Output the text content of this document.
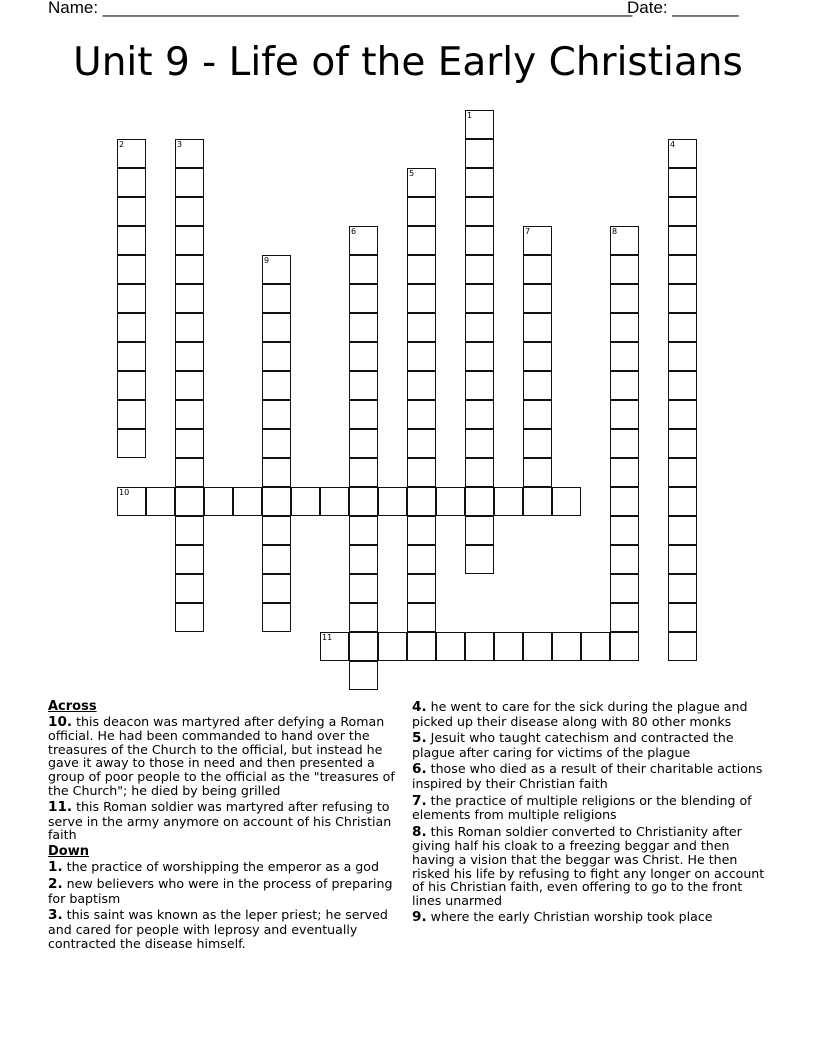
Name: ________________________________________________________
Date: _______
Unit 9 - Life of the Early Christians
1
2	3	4
5
6	7	8
9
10
11
Across
10. this deacon was martyred after defying a Roman official. He had been commanded to hand over the treasures of the Church to the official, but instead he gave it away to those in need and then presented a group of poor people to the official as the "treasures of the Church"; he died by being grilled
11. this Roman soldier was martyred after refusing to serve in the army anymore on account of his Christian faith
Down
1. the practice of worshipping the emperor as a god
2. new believers who were in the process of preparing for baptism
3. this saint was known as the leper priest; he served and cared for people with leprosy and eventually contracted the disease himself.
4. he went to care for the sick during the plague and picked up their disease along with 80 other monks
5. Jesuit who taught catechism and contracted the plague after caring for victims of the plague
6. those who died as a result of their charitable actions inspired by their Christian faith
7. the practice of multiple religions or the blending of elements from multiple religions
8. this Roman soldier converted to Christianity after giving half his cloak to a freezing beggar and then having a vision that the beggar was Christ. He then risked his life by refusing to fight any longer on account of his Christian faith, even offering to go to the front lines unarmed
9. where the early Christian worship took place
